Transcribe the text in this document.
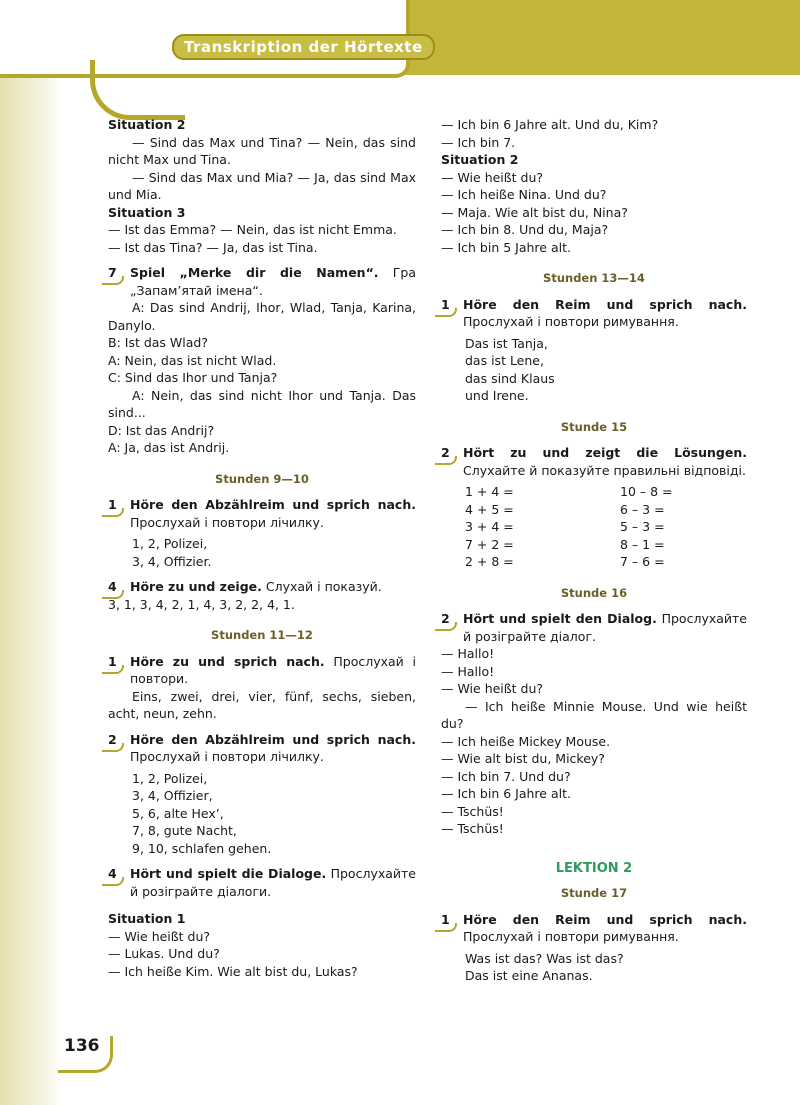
Transkription der Hörtexte

Situation 2

— Sind das Max und Tina? — Nein, das sind nicht Max und Tina.

— Sind das Max und Mia? — Ja, das sind Max und Mia.

Situation 3

— Ist das Emma? — Nein, das ist nicht Emma.

— Ist das Tina? — Ja, das ist Tina.

7	Spiel „Merke dir die Namen“. Гра „Запам’ятай імена“.

A: Das sind Andrij, Ihor, Wlad, Tanja, Karina, Danylo.

B: Ist das Wlad?

A: Nein, das ist nicht Wlad.

C: Sind das Ihor und Tanja?

A: Nein, das sind nicht Ihor und Tanja. Das sind...

D: Ist das Andrij?

A: Ja, das ist Andrij.

Stunden 9—10
1	Höre den Abzählreim und sprich nach. Прослухай і повтори лічилку.

1, 2, Polizei,

3, 4, Offizier.

4	Höre zu und zeige. Слухай і показуй.

3, 1, 3, 4, 2, 1, 4, 3, 2, 2, 4, 1.

Stunden 11—12
1	Höre zu und sprich nach. Прослухай і повтори.

Eins, zwei, drei, vier, fünf, sechs, sieben, acht, neun, zehn.

2	Höre den Abzählreim und sprich nach. Прослухай і повтори лічилку.

1, 2, Polizei,

3, 4, Offizier,

5, 6, alte Hex’,

7, 8, gute Nacht,

9, 10, schlafen gehen.

4	Hört und spielt die Dialoge. Прослухайте й розіграйте діалоги.

Situation 1

— Wie heißt du?

— Lukas. Und du?

— Ich heiße Kim. Wie alt bist du, Lukas?

— Ich bin 6 Jahre alt. Und du, Kim?

— Ich bin 7.

Situation 2

— Wie heißt du?

— Ich heiße Nina. Und du?

— Maja. Wie alt bist du, Nina?

— Ich bin 8. Und du, Maja?

— Ich bin 5 Jahre alt.

Stunden 13—14
1	Höre den Reim und sprich nach. Прослухай і повтори римування.

Das ist Tanja,

das ist Lene,

das sind Klaus

und Irene.

Stunde 15
2	Hört zu und zeigt die Lösungen. Слухайте й показуйте правильні відповіді.
1 + 4 =	10 – 8 =
4 + 5 =	6 – 3 =
3 + 4 =	5 – 3 =
7 + 2 =	8 – 1 =
2 + 8 =	7 – 6 =
Stunde 16
2	Hört und spielt den Dialog. Прослухайте й розіграйте діалог.

— Hallo!

— Hallo!

— Wie heißt du?

— Ich heiße Minnie Mouse. Und wie heißt du?

— Ich heiße Mickey Mouse.

— Wie alt bist du, Mickey?

— Ich bin 7. Und du?

— Ich bin 6 Jahre alt.

— Tschüs!

— Tschüs!

LEKTION 2
Stunde 17
1	Höre den Reim und sprich nach. Прослухай і повтори римування.

Was ist das? Was ist das?

Das ist eine Ananas.

136
